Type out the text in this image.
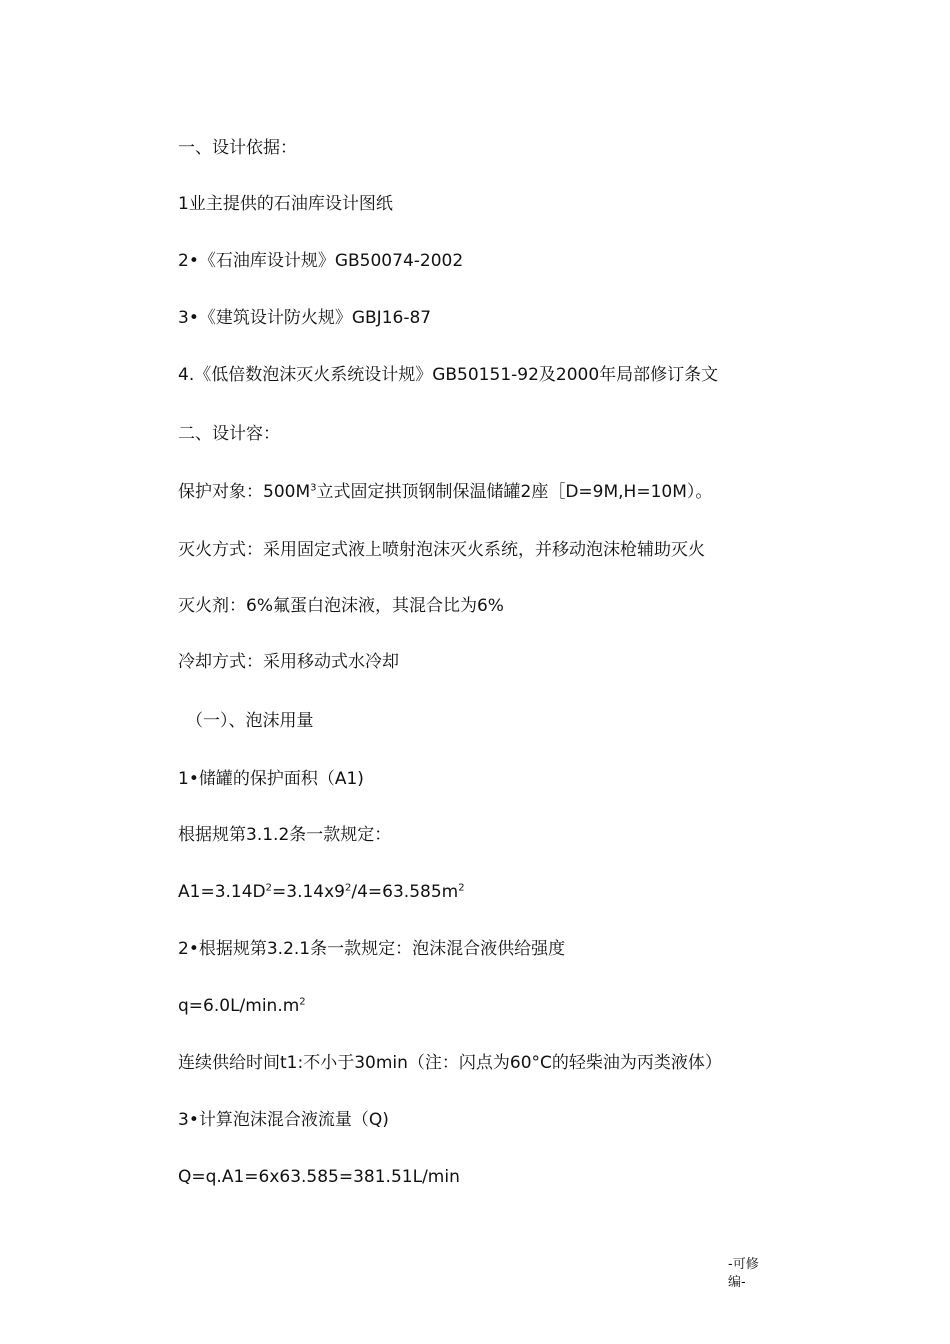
一、设计依据：
1业主提供的石油库设计图纸
2•《石油库设计规》GB50074-2002
3•《建筑设计防火规》GBJ16-87
4.《低倍数泡沫灭火系统设计规》GB50151-92及2000年局部修订条文
二、设计容：
保护对象：$500M^3$立式固定拱顶钢制保温储罐2座［D=9M,H=10M）。
灭火方式：采用固定式液上喷射泡沫灭火系统，并移动泡沫枪辅助灭火
灭火剂：6%氟蛋白泡沫液，其混合比为6%
冷却方式：采用移动式水冷却
（一）、泡沫用量
1•储罐的保护面积（A1)
根据规第3.1.2条一款规定：
$A1=3.14D^2=3.14x9^2/4=63.585m^2$
2•根据规第3.2.1条一款规定：泡沫混合液供给强度
$q=6.0L/\min.m^2$
连续供给时间t1:不小于30min（注：闪点为60°C的轻柴油为丙类液体）
3•计算泡沫混合液流量（Q)
Q=q.A1=6x63.585=381.51L/min
-可修
编-
